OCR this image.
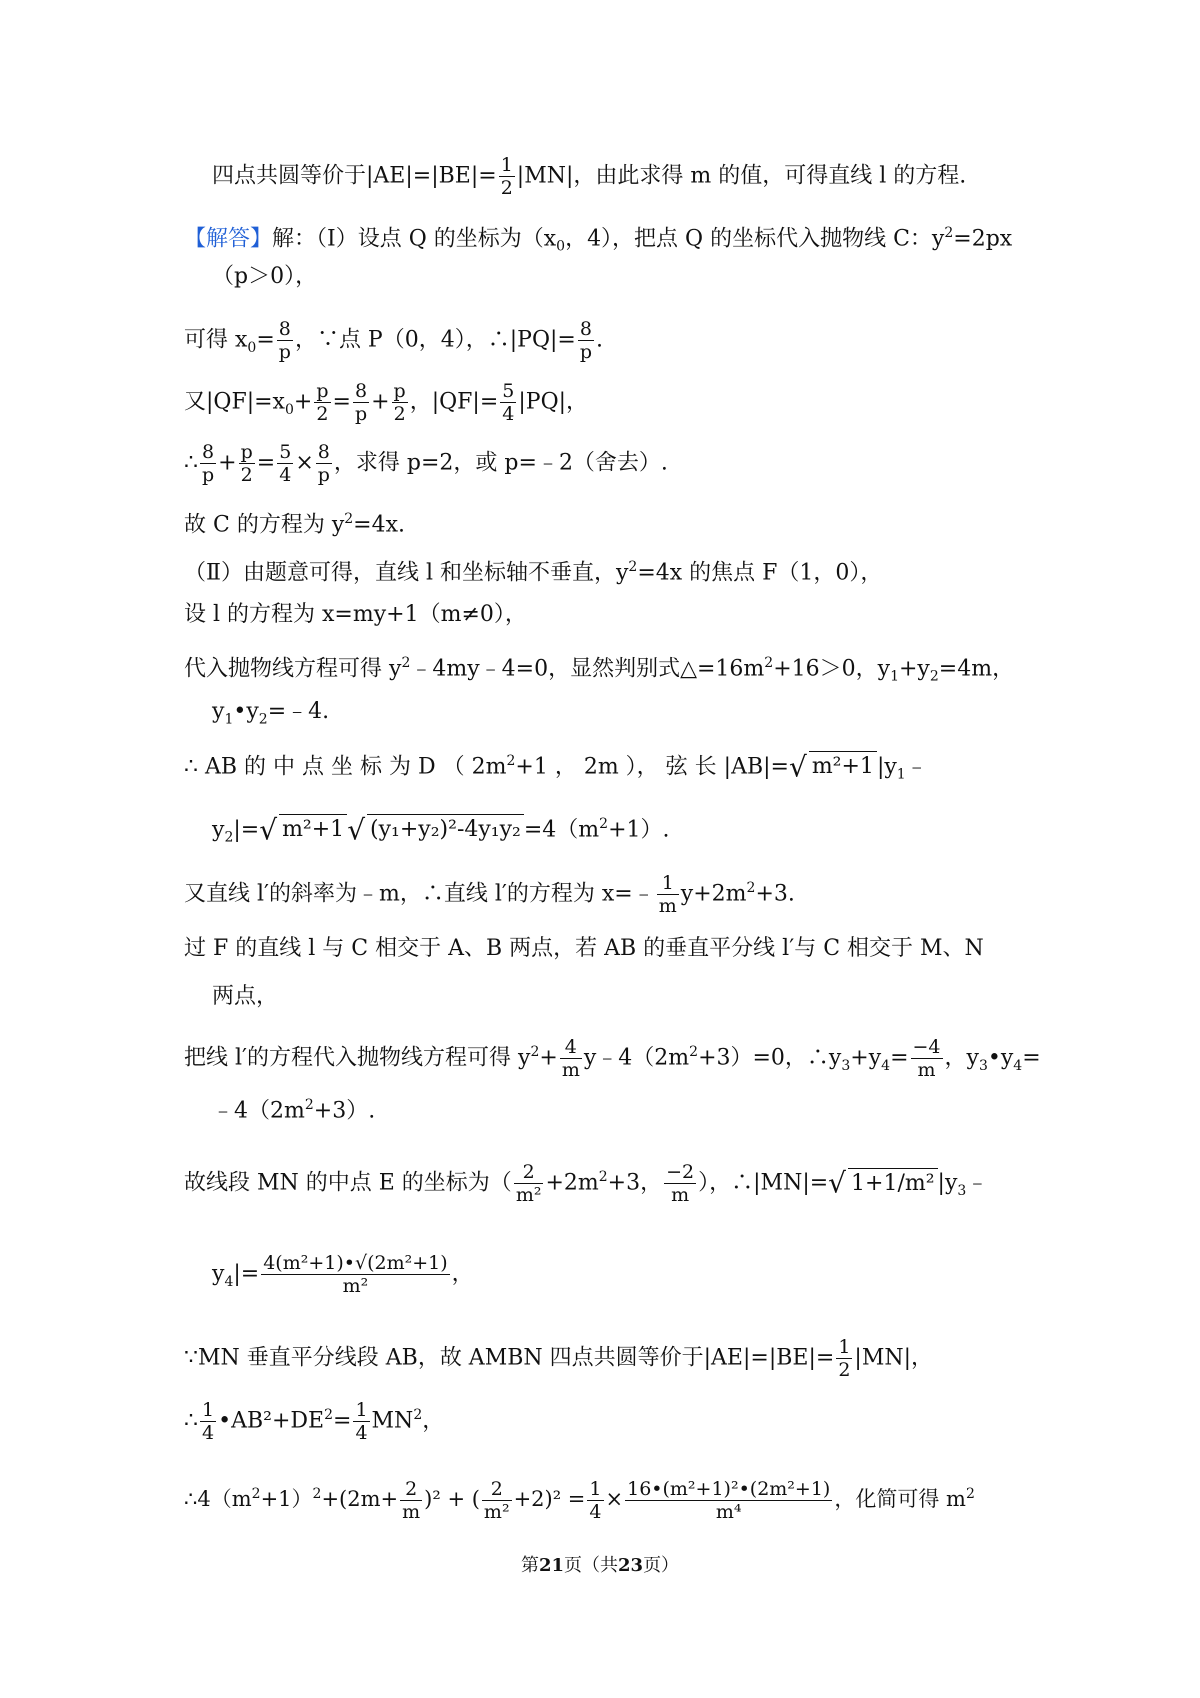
四点共圆等价于$|AE|=|BE|= \frac{1}{2} |MN|$，由此求得 m 的值，可得直线 l 的方程.
【解答】解：（Ⅰ）设点 Q 的坐标为（$x_0$，4），把点 Q 的坐标代入抛物线 C：$y^2=2px$
（p＞0），
可得 $x_0= \frac{8}{p}$ ，∵点 P（0，4），∴|PQ|= $\frac{8}{p}$ .
又$|QF|=x_0+ \frac{p}{2} = \frac{8}{p} + \frac{p}{2}$ ，$|QF|= \frac{5}{4} |PQ|$，
∴ $\frac{8}{p} + \frac{p}{2} = \frac{5}{4} \times \frac{8}{p}$ ，求得 p=2，或 p=﹣2（舍去）.
故 C 的方程为 $y^2=4x$.
（Ⅱ）由题意可得，直线 l 和坐标轴不垂直，$y^2=4x$ 的焦点 F（1，0），
设 l 的方程为 x=my+1（m≠0），
代入抛物线方程可得 $y^2﹣4my﹣4=0$，显然判别式$\triangle=16m^2+16>0$，$y_1+y_2=4m$，
$y_1•y_2=﹣4$.
∴ AB 的 中 点 坐 标 为 D （ $2m^2+1$ ， 2m ）， 弦 长 |AB|=√ m²+1 $|y_1﹣$
$y_2|=√$ m²+1 √ $(y_1+y_2)^2-4y_1y_2 =4(m^2+1)$.
又直线 l′的斜率为﹣m，∴直线 l′的方程为 x=﹣ $\frac{1}{m} y+2m^2+3$.
过 F 的直线 l 与 C 相交于 A、B 两点，若 AB 的垂直平分线 l′与 C 相交于 M、N
两点，
把线 l′的方程代入抛物线方程可得 $y^2+ \frac{4}{m}$ $y﹣4(2m^2+3)=0$，$\therefore y_3+y_4= \frac{-4}{m}$ ，$y_3•y_4=$
$﹣4(2m^2+3)$.
故线段 MN 的中点 E 的坐标为（ $\frac{2}{\text{m²}} +2m^2+3$， $\frac{-2}{m}$ ），∴|MN|=√ 1+1/m² $|y_3﹣$
$y_4|= \frac{\text{4(m²+1)•√(2m²+1)}}{\text{m²}}$ ，
∵MN 垂直平分线段 AB，故 AMBN 四点共圆等价于$|AE|=|BE|= \frac{1}{2} |MN|$，
∴ $\frac{1}{4}$ $•AB^2+DE^2= \frac{1}{4} MN^2$，
$\therefore 4(m^2+1)^2+(2m+ \frac{2}{m} )^2$ + ( $\frac{2}{\text{m²}} +2)^2 = \frac{1}{4} \times \frac{\text{16•(m²+1)²•(2m²+1)}}{\text{m⁴}}$ ，化简可得 $m^2$
第21页（共23页）
